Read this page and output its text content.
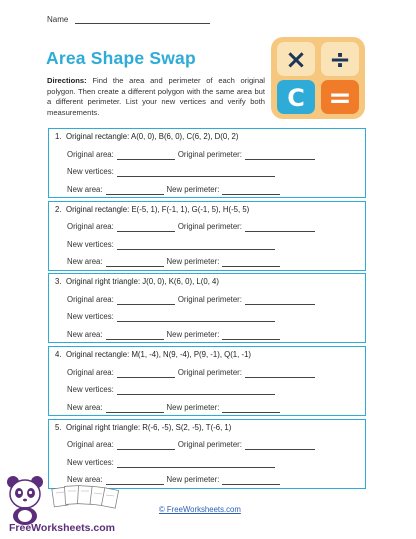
Name
Area Shape Swap
Directions: Find the area and perimeter of each original polygon. Then create a different polygon with the same area but a different perimeter. List your new vertices and verify both measurements.
× ÷
C =
1. Original rectangle: A(0, 0), B(6, 0), C(6, 2), D(0, 2)
Original area:	Original perimeter:
New vertices:
New area:	New perimeter:
2. Original rectangle: E(-5, 1), F(-1, 1), G(-1, 5), H(-5, 5)
Original area:	Original perimeter:
New vertices:
New area:	New perimeter:
3. Original right triangle: J(0, 0), K(6, 0), L(0, 4)
Original area:	Original perimeter:
New vertices:
New area:	New perimeter:
4. Original rectangle: M(1, -4), N(9, -4), P(9, -1), Q(1, -1)
Original area:	Original perimeter:
New vertices:
New area:	New perimeter:
5. Original right triangle: R(-6, -5), S(2, -5), T(-6, 1)
Original area:	Original perimeter:
New vertices:
New area:	New perimeter:
FreeWorksheets.com
© FreeWorksheets.com
